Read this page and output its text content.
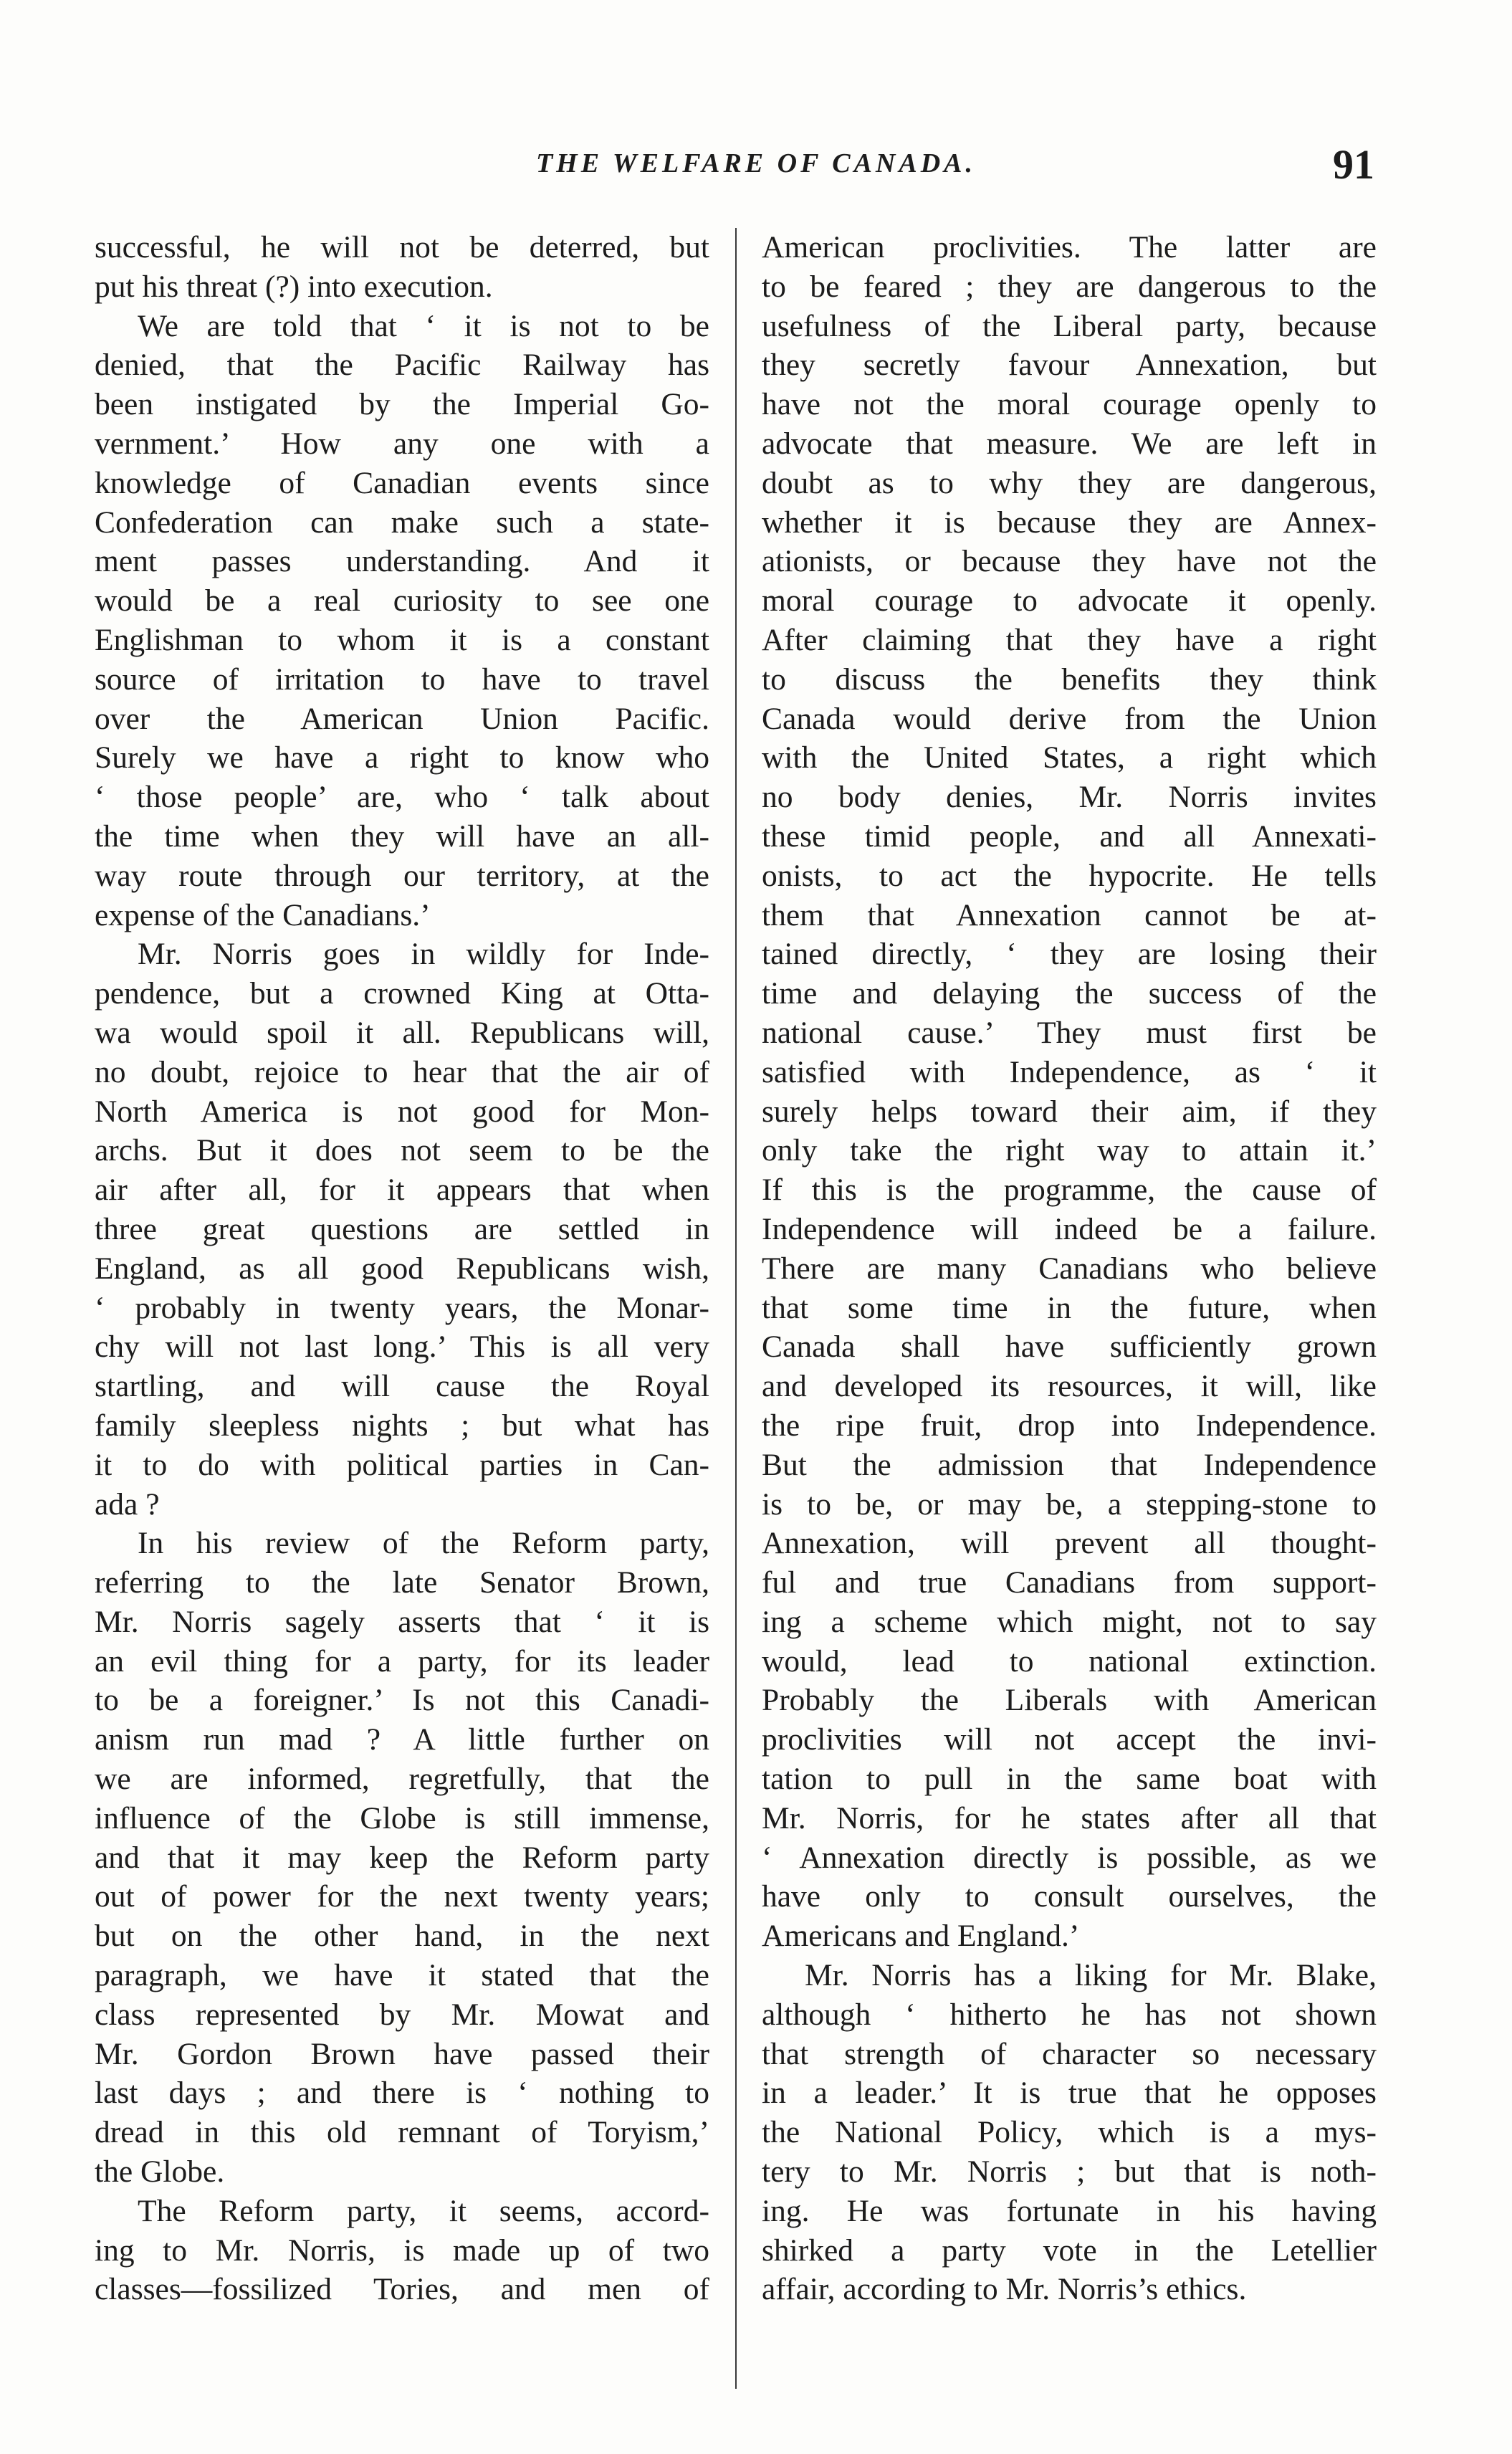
THE WELFARE OF CANADA.	91
successful, he will not be deterred, but
put his threat (?) into execution.
We are told that ‘ it is not to be
denied, that the Pacific Railway has
been instigated by the Imperial Go-
vernment.’ How any one with a
knowledge of Canadian events since
Confederation can make such a state-
ment passes understanding. And it
would be a real curiosity to see one
Englishman to whom it is a constant
source of irritation to have to travel
over the American Union Pacific.
Surely we have a right to know who
‘ those people’ are, who ‘ talk about
the time when they will have an all-
way route through our territory, at the
expense of the Canadians.’
Mr. Norris goes in wildly for Inde-
pendence, but a crowned King at Otta-
wa would spoil it all. Republicans will,
no doubt, rejoice to hear that the air of
North America is not good for Mon-
archs. But it does not seem to be the
air after all, for it appears that when
three great questions are settled in
England, as all good Republicans wish,
‘ probably in twenty years, the Monar-
chy will not last long.’ This is all very
startling, and will cause the Royal
family sleepless nights ; but what has
it to do with political parties in Can-
ada ?
In his review of the Reform party,
referring to the late Senator Brown,
Mr. Norris sagely asserts that ‘ it is
an evil thing for a party, for its leader
to be a foreigner.’ Is not this Canadi-
anism run mad ? A little further on
we are informed, regretfully, that the
influence of the Globe is still immense,
and that it may keep the Reform party
out of power for the next twenty years;
but on the other hand, in the next
paragraph, we have it stated that the
class represented by Mr. Mowat and
Mr. Gordon Brown have passed their
last days ; and there is ‘ nothing to
dread in this old remnant of Toryism,’
the Globe.
The Reform party, it seems, accord-
ing to Mr. Norris, is made up of two
classes—fossilized Tories, and men of
American proclivities. The latter are
to be feared ; they are dangerous to the
usefulness of the Liberal party, because
they secretly favour Annexation, but
have not the moral courage openly to
advocate that measure. We are left in
doubt as to why they are dangerous,
whether it is because they are Annex-
ationists, or because they have not the
moral courage to advocate it openly.
After claiming that they have a right
to discuss the benefits they think
Canada would derive from the Union
with the United States, a right which
no body denies, Mr. Norris invites
these timid people, and all Annexati-
onists, to act the hypocrite. He tells
them that Annexation cannot be at-
tained directly, ‘ they are losing their
time and delaying the success of the
national cause.’ They must first be
satisfied with Independence, as ‘ it
surely helps toward their aim, if they
only take the right way to attain it.’
If this is the programme, the cause of
Independence will indeed be a failure.
There are many Canadians who believe
that some time in the future, when
Canada shall have sufficiently grown
and developed its resources, it will, like
the ripe fruit, drop into Independence.
But the admission that Independence
is to be, or may be, a stepping-stone to
Annexation, will prevent all thought-
ful and true Canadians from support-
ing a scheme which might, not to say
would, lead to national extinction.
Probably the Liberals with American
proclivities will not accept the invi-
tation to pull in the same boat with
Mr. Norris, for he states after all that
‘ Annexation directly is possible, as we
have only to consult ourselves, the
Americans and England.’
Mr. Norris has a liking for Mr. Blake,
although ‘ hitherto he has not shown
that strength of character so necessary
in a leader.’ It is true that he opposes
the National Policy, which is a mys-
tery to Mr. Norris ; but that is noth-
ing. He was fortunate in his having
shirked a party vote in the Letellier
affair, according to Mr. Norris’s ethics.
